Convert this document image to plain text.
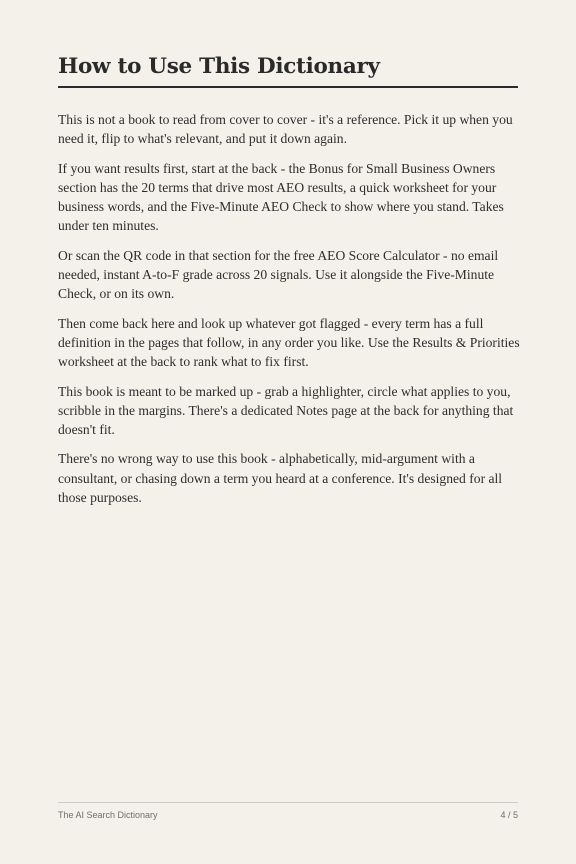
How to Use This Dictionary

This is not a book to read from cover to cover - it's a reference. Pick it up when you need it, flip to what's relevant, and put it down again.

If you want results first, start at the back - the Bonus for Small Business Owners section has the 20 terms that drive most AEO results, a quick worksheet for your business words, and the Five-Minute AEO Check to show where you stand. Takes under ten minutes.

Or scan the QR code in that section for the free AEO Score Calculator - no email needed, instant A-to-F grade across 20 signals. Use it alongside the Five-Minute Check, or on its own.

Then come back here and look up whatever got flagged - every term has a full definition in the pages that follow, in any order you like. Use the Results & Priorities worksheet at the back to rank what to fix first.

This book is meant to be marked up - grab a highlighter, circle what applies to you, scribble in the margins. There's a dedicated Notes page at the back for anything that doesn't fit.

There's no wrong way to use this book - alphabetically, mid-argument with a consultant, or chasing down a term you heard at a conference. It's designed for all those purposes.

The AI Search Dictionary	4 / 5
